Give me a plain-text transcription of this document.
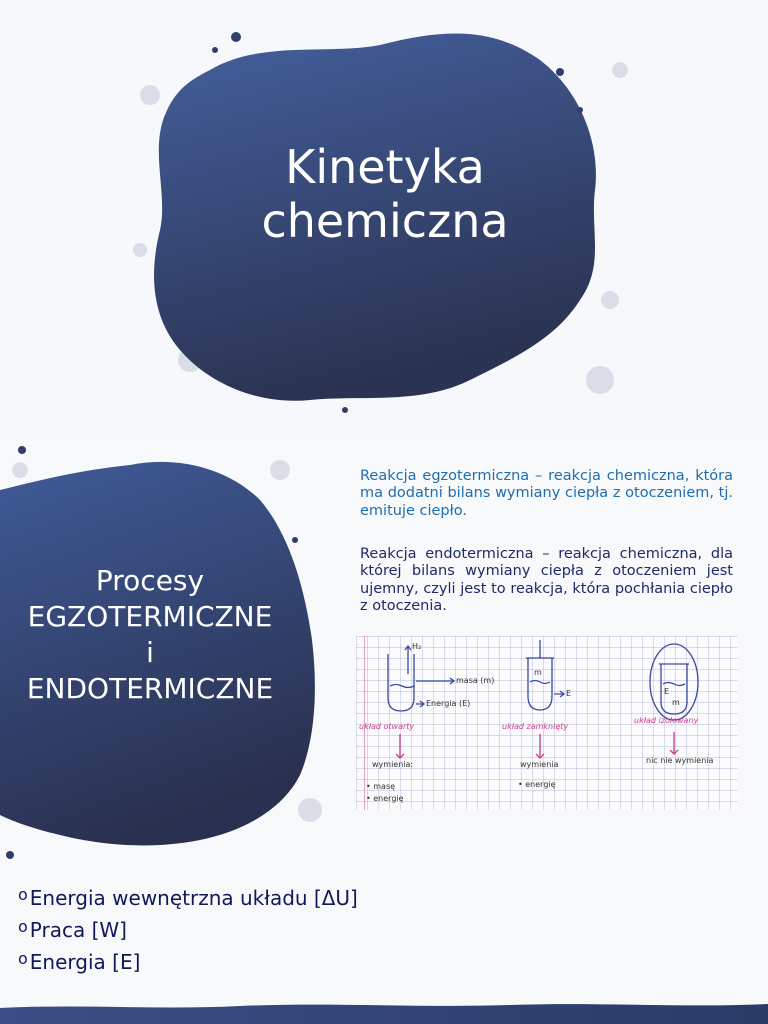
Kinetyka
chemiczna
Procesy
EGZOTERMICZNE
i
ENDOTERMICZNE
Reakcja egzotermiczna – reakcja chemiczna, która ma dodatni bilans wymiany ciepła z otoczeniem, tj. emituje ciepło.
Reakcja endotermiczna – reakcja chemiczna, dla której bilans wymiany ciepła z otoczeniem jest ujemny, czyli jest to reakcja, która pochłania ciepło z otoczenia.
H₂
masa (m)
Energia (E)
m
E	E
m
układ otwarty	układ zamknięty
układ izolowany
wymienia:
• masę
• energię
wymienia
• energię
nic nie wymienia
o Energia wewnętrzna układu [ΔU]
o Praca [W]
o Energia [E]
